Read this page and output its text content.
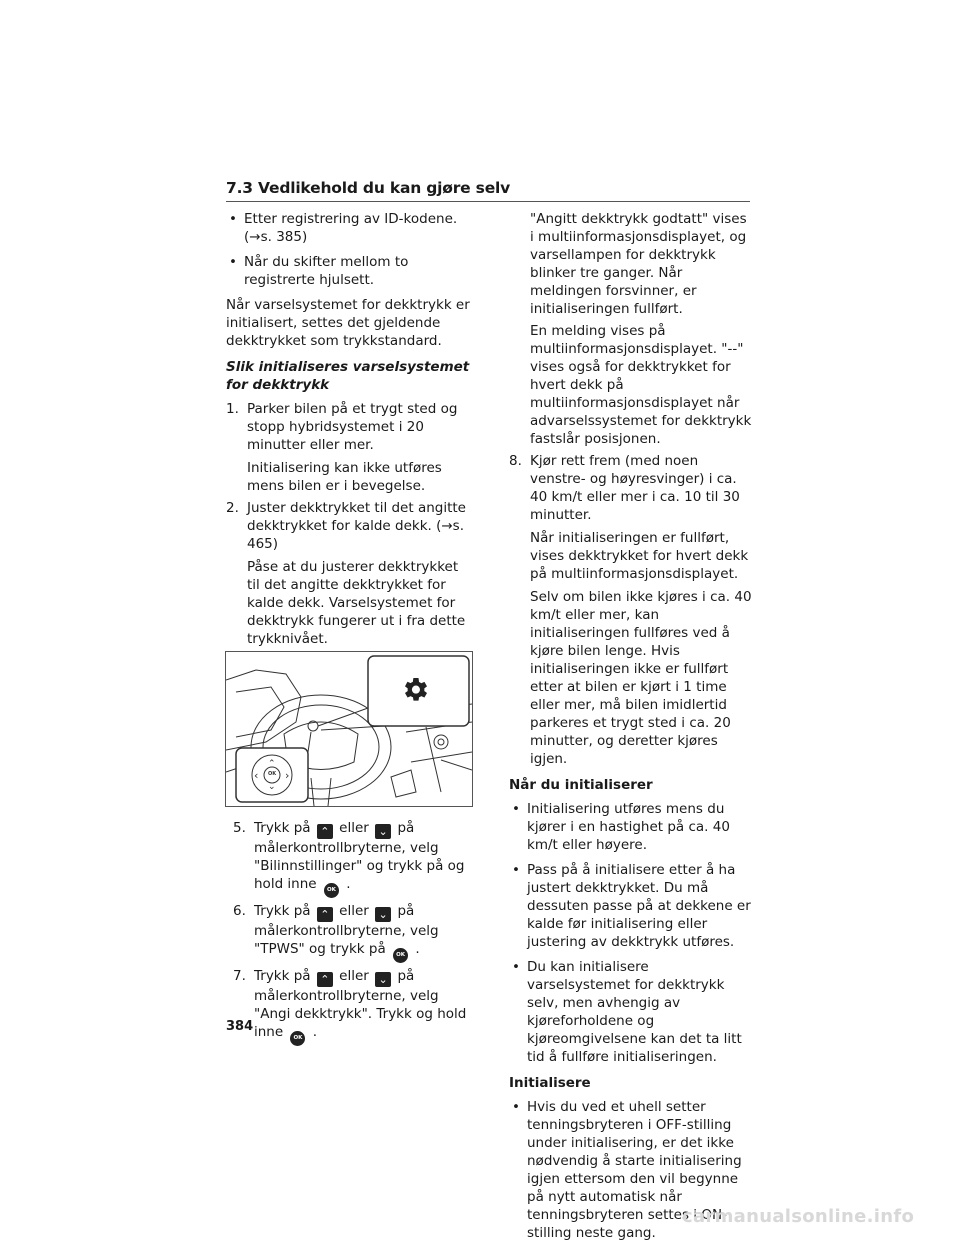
7.3 Vedlikehold du kan gjøre selv

• Etter registrering av ID-kodene.

(→s. 385)

• Når du skifter mellom to registrerte hjulsett.

Når varselsystemet for dekktrykk er initialisert, settes det gjeldende dekktrykket som trykkstandard.

Slik initialiseres varselsystemet for dekktrykk

1. Parker bilen på et trygt sted og stopp hybridsystemet i 20 minutter eller mer.

Initialisering kan ikke utføres mens bilen er i bevegelse.

2. Juster dekktrykket til det angitte dekktrykket for kalde dekk. (→s. 465)

Påse at du justerer dekktrykket til det angitte dekktrykket for kalde dekk. Varselsystemet for dekktrykk fungerer ut i fra dette trykknivået.

OK
‹ ›
⌃
⌄
5. Trykk på ⌃ eller ⌄ på målerkontrollbryterne, velg "Bilinnstillinger" og trykk på og hold inne OK .

6. Trykk på ⌃ eller ⌄ på målerkontrollbryterne, velg "TPWS" og trykk på OK .

7. Trykk på ⌃ eller ⌄ på målerkontrollbryterne, velg "Angi dekktrykk". Trykk og hold inne OK .

"Angitt dekktrykk godtatt" vises i multiinformasjonsdisplayet, og varsellampen for dekktrykk blinker tre ganger. Når meldingen forsvinner, er initialiseringen fullført.

En melding vises på multiinformasjonsdisplayet. "--" vises også for dekktrykket for hvert dekk på multiinformasjonsdisplayet når advarselssystemet for dekktrykk fastslår posisjonen.

8. Kjør rett frem (med noen venstre- og høyresvinger) i ca. 40 km/t eller mer i ca. 10 til 30 minutter.

Når initialiseringen er fullført, vises dekktrykket for hvert dekk på multiinformasjonsdisplayet.

Selv om bilen ikke kjøres i ca. 40 km/t eller mer, kan initialiseringen fullføres ved å kjøre bilen lenge. Hvis initialiseringen ikke er fullført etter at bilen er kjørt i 1 time eller mer, må bilen imidlertid parkeres et trygt sted i ca. 20 minutter, og deretter kjøres igjen.

Når du initialiserer

• Initialisering utføres mens du kjører i en hastighet på ca. 40 km/t eller høyere.

• Pass på å initialisere etter å ha justert dekktrykket. Du må dessuten passe på at dekkene er kalde før initialisering eller justering av dekktrykk utføres.

• Du kan initialisere varselsystemet for dekktrykk selv, men avhengig av kjøreforholdene og kjøreomgivelsene kan det ta litt tid å fullføre initialiseringen.

Initialisere

• Hvis du ved et uhell setter tenningsbryteren i OFF-stilling under initialisering, er det ikke nødvendig å starte initialisering igjen ettersom den vil begynne på nytt automatisk når tenningsbryteren settes i ON-stilling neste gang.

384
carmanualsonline.info
